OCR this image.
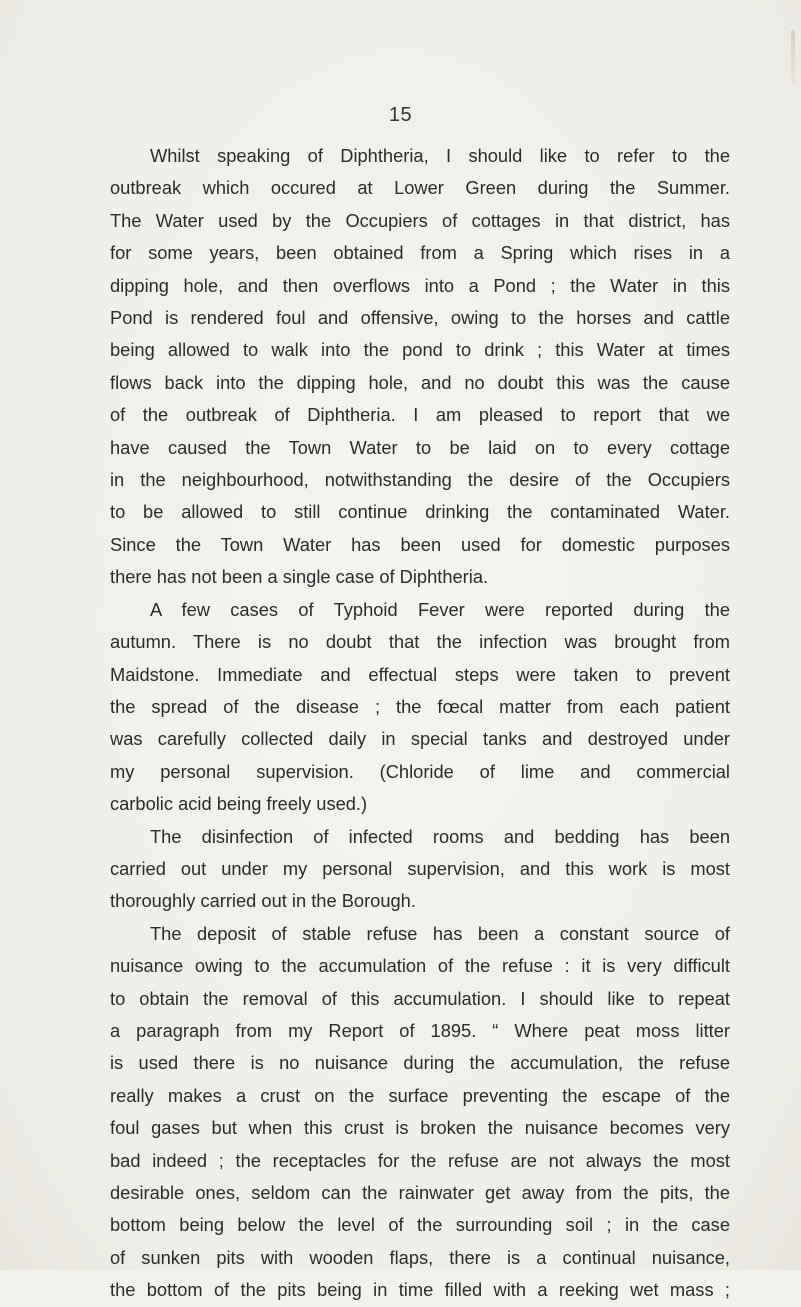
15
Whilst speaking of Diphtheria, I should like to refer to the
outbreak which occured at Lower Green during the Summer.
The Water used by the Occupiers of cottages in that district, has
for some years, been obtained from a Spring which rises in a
dipping hole, and then overflows into a Pond ; the Water in this
Pond is rendered foul and offensive, owing to the horses and cattle
being allowed to walk into the pond to drink ; this Water at times
flows back into the dipping hole, and no doubt this was the cause
of the outbreak of Diphtheria. I am pleased to report that we
have caused the Town Water to be laid on to every cottage
in the neighbourhood, notwithstanding the desire of the Occupiers
to be allowed to still continue drinking the contaminated Water.
Since the Town Water has been used for domestic purposes
there has not been a single case of Diphtheria.
A few cases of Typhoid Fever were reported during the
autumn. There is no doubt that the infection was brought from
Maidstone. Immediate and effectual steps were taken to prevent
the spread of the disease ; the fœcal matter from each patient
was carefully collected daily in special tanks and destroyed under
my personal supervision. (Chloride of lime and commercial
carbolic acid being freely used.)
The disinfection of infected rooms and bedding has been
carried out under my personal supervision, and this work is most
thoroughly carried out in the Borough.
The deposit of stable refuse has been a constant source of
nuisance owing to the accumulation of the refuse : it is very difficult
to obtain the removal of this accumulation. I should like to repeat
a paragraph from my Report of 1895. “ Where peat moss litter
is used there is no nuisance during the accumulation, the refuse
really makes a crust on the surface preventing the escape of the
foul gases but when this crust is broken the nuisance becomes very
bad indeed ; the receptacles for the refuse are not always the most
desirable ones, seldom can the rainwater get away from the pits, the
bottom being below the level of the surrounding soil ; in the case
of sunken pits with wooden flaps, there is a continual nuisance,
the bottom of the pits being in time filled with a reeking wet mass ;
